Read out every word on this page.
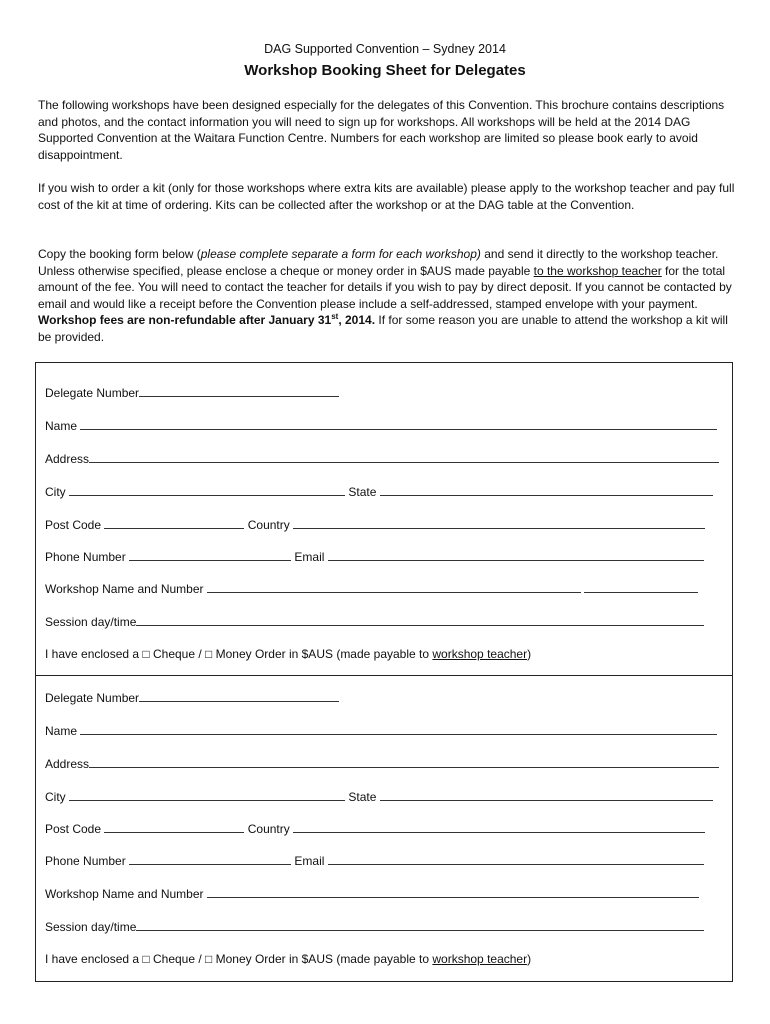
DAG Supported Convention – Sydney 2014
Workshop Booking Sheet for Delegates
The following workshops have been designed especially for the delegates of this Convention. This brochure contains descriptions and photos, and the contact information you will need to sign up for workshops. All workshops will be held at the 2014 DAG Supported Convention at the Waitara Function Centre. Numbers for each workshop are limited so please book early to avoid disappointment.
If you wish to order a kit (only for those workshops where extra kits are available) please apply to the workshop teacher and pay full cost of the kit at time of ordering. Kits can be collected after the workshop or at the DAG table at the Convention.
Copy the booking form below (please complete separate a form for each workshop) and send it directly to the workshop teacher. Unless otherwise specified, please enclose a cheque or money order in $AUS made payable to the workshop teacher for the total amount of the fee. You will need to contact the teacher for details if you wish to pay by direct deposit. If you cannot be contacted by email and would like a receipt before the Convention please include a self-addressed, stamped envelope with your payment. Workshop fees are non-refundable after January 31st, 2014. If for some reason you are unable to attend the workshop a kit will be provided.
Delegate Number
Name
Address
City	State
Post Code	Country
Phone Number	Email
Workshop Name and Number
Session day/time
I have enclosed a □ Cheque / □ Money Order in $AUS (made payable to workshop teacher)
Delegate Number
Name
Address
City	State
Post Code	Country
Phone Number	Email
Workshop Name and Number
Session day/time
I have enclosed a □ Cheque / □ Money Order in $AUS (made payable to workshop teacher)
